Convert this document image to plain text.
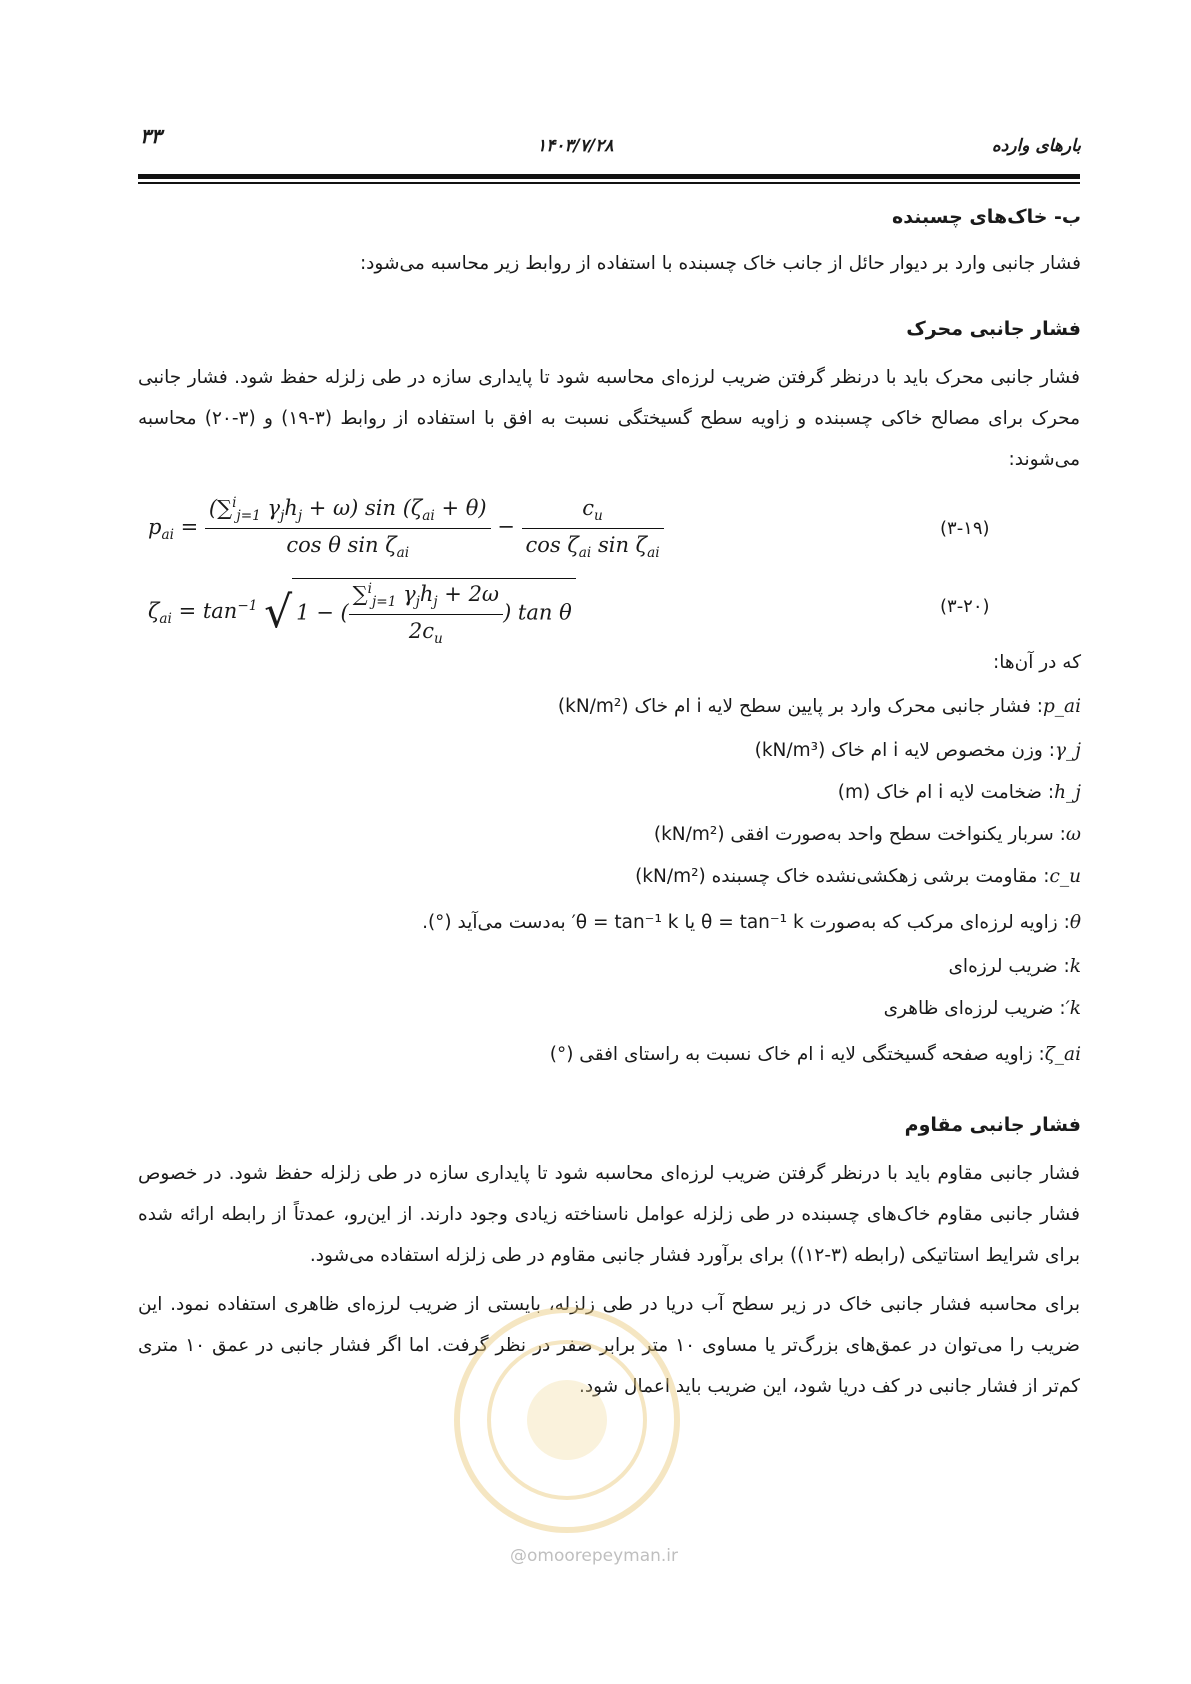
۳۳	۱۴۰۳/۷/۲۸	بارهای وارده
ب- خاک‌های چسبنده
فشار جانبی وارد بر دیوار حائل از جانب خاک چسبنده با استفاده از روابط زیر محاسبه می‌شود:
فشار جانبی محرک
فشار جانبی محرک باید با درنظر گرفتن ضریب لرزه‌ای محاسبه شود تا پایداری سازه در طی زلزله حفظ شود. فشار جانبی محرک برای مصالح خاکی چسبنده و زاویه سطح گسیختگی نسبت به افق با استفاده از روابط (۳-۱۹) و (۳-۲۰) محاسبه می‌شوند:
$p_{ai} = \frac{(\sum^i_{j=1} \gamma_jh_j + \omega) \sin (\zeta_{ai} + \theta)}{\cos \theta \sin \zeta_{ai}} - \frac{c_u}{\cos \zeta_{ai} \sin \zeta_{ai}}$	(۳-۱۹)
$\zeta_{ai} = \tan^{-1}$ √ 1 − ( $\frac{\sum^i_{j=1} \gamma_jh_j + 2\omega}{2c_u}$ ) tan θ	(۳-۲۰)
که در آن‌ها:
p_ai: فشار جانبی محرک وارد بر پایین سطح لایه i ام خاک (kN/m²)
γ_j: وزن مخصوص لایه i ام خاک (kN/m³)
h_j: ضخامت لایه i ام خاک (m)
ω: سربار یکنواخت سطح واحد به‌صورت افقی (kN/m²)
c_u: مقاومت برشی زهکشی‌نشده خاک چسبنده (kN/m²)
θ: زاویه لرزه‌ای مرکب که به‌صورت θ = tan⁻¹ k یا θ = tan⁻¹ k′ به‌دست می‌آید (°).
k: ضریب لرزه‌ای
k′: ضریب لرزه‌ای ظاهری
ζ_ai: زاویه صفحه گسیختگی لایه i ام خاک نسبت به راستای افقی (°)
فشار جانبی مقاوم
فشار جانبی مقاوم باید با درنظر گرفتن ضریب لرزه‌ای محاسبه شود تا پایداری سازه در طی زلزله حفظ شود. در خصوص فشار جانبی مقاوم خاک‌های چسبنده در طی زلزله عوامل ناسناخته زیادی وجود دارند. از این‌رو، عمدتاً از رابطه ارائه شده برای شرایط استاتیکی (رابطه (۳-۱۲)) برای برآورد فشار جانبی مقاوم در طی زلزله استفاده می‌شود.
برای محاسبه فشار جانبی خاک در زیر سطح آب دریا در طی زلزله، بایستی از ضریب لرزه‌ای ظاهری استفاده نمود. این ضریب را می‌توان در عمق‌های بزرگ‌تر یا مساوی ۱۰ متر برابر صفر در نظر گرفت. اما اگر فشار جانبی در عمق ۱۰ متری کم‌تر از فشار جانبی در کف دریا شود، این ضریب باید اعمال شود.
@omoorepeyman.ir
